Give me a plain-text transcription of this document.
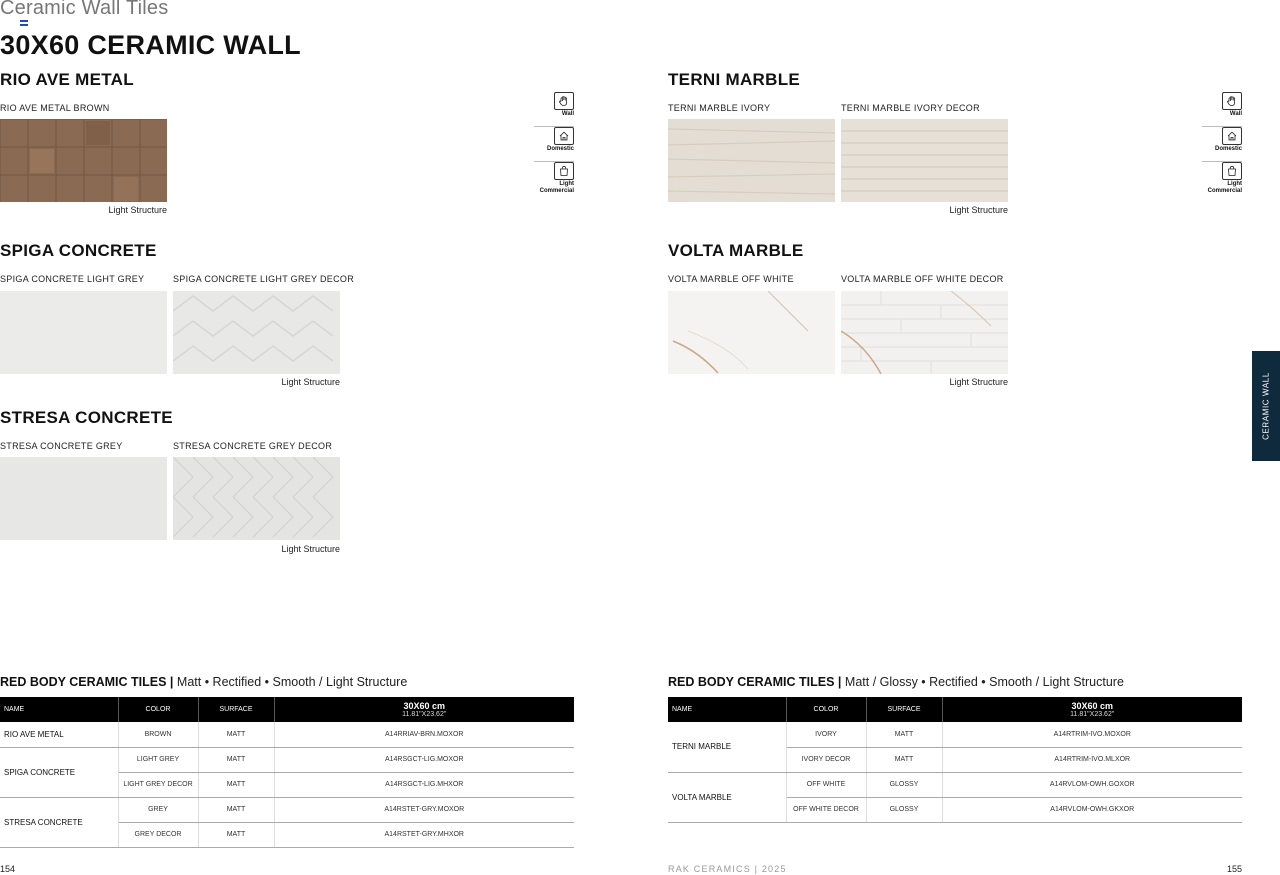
Ceramic Wall Tiles
30X60 CERAMIC WALL
RIO AVE METAL
RIO AVE METAL BROWN
Light Structure
Wall
Domestic
Light
Commercial
TERNI MARBLE
TERNI MARBLE IVORY	TERNI MARBLE IVORY DECOR
Light Structure
Wall
Domestic
Light
Commercial
SPIGA CONCRETE
SPIGA CONCRETE LIGHT GREY	SPIGA CONCRETE LIGHT GREY DECOR
Light Structure
VOLTA MARBLE
VOLTA MARBLE OFF WHITE	VOLTA MARBLE OFF WHITE DECOR
Light Structure
STRESA CONCRETE
STRESA CONCRETE GREY	STRESA CONCRETE GREY DECOR
Light Structure
CERAMIC WALL
RED BODY CERAMIC TILES | Matt • Rectified • Smooth / Light Structure
NAME	COLOR	SURFACE	30X60 cm
11.81"X23.62"

RIO AVE METAL	BROWN	MATT	A14RRIAV-BRN.MOXOR
SPIGA CONCRETE	LIGHT GREY	MATT	A14RSGCT-LIG.MOXOR
	LIGHT GREY DECOR	MATT	A14RSGCT-LIG.MHXOR
STRESA CONCRETE	GREY	MATT	A14RSTET-GRY.MOXOR
	GREY DECOR	MATT	A14RSTET-GRY.MHXOR
RED BODY CERAMIC TILES | Matt / Glossy • Rectified • Smooth / Light Structure
NAME	COLOR	SURFACE	30X60 cm
11.81"X23.62"

TERNI MARBLE	IVORY	MATT	A14RTRIM-IVO.MOXOR
	IVORY DECOR	MATT	A14RTRIM-IVO.MLXOR
VOLTA MARBLE	OFF WHITE	GLOSSY	A14RVLOM-OWH.GOXOR
	OFF WHITE DECOR	GLOSSY	A14RVLOM-OWH.GKXOR
154	RAK CERAMICS | 2025	155
